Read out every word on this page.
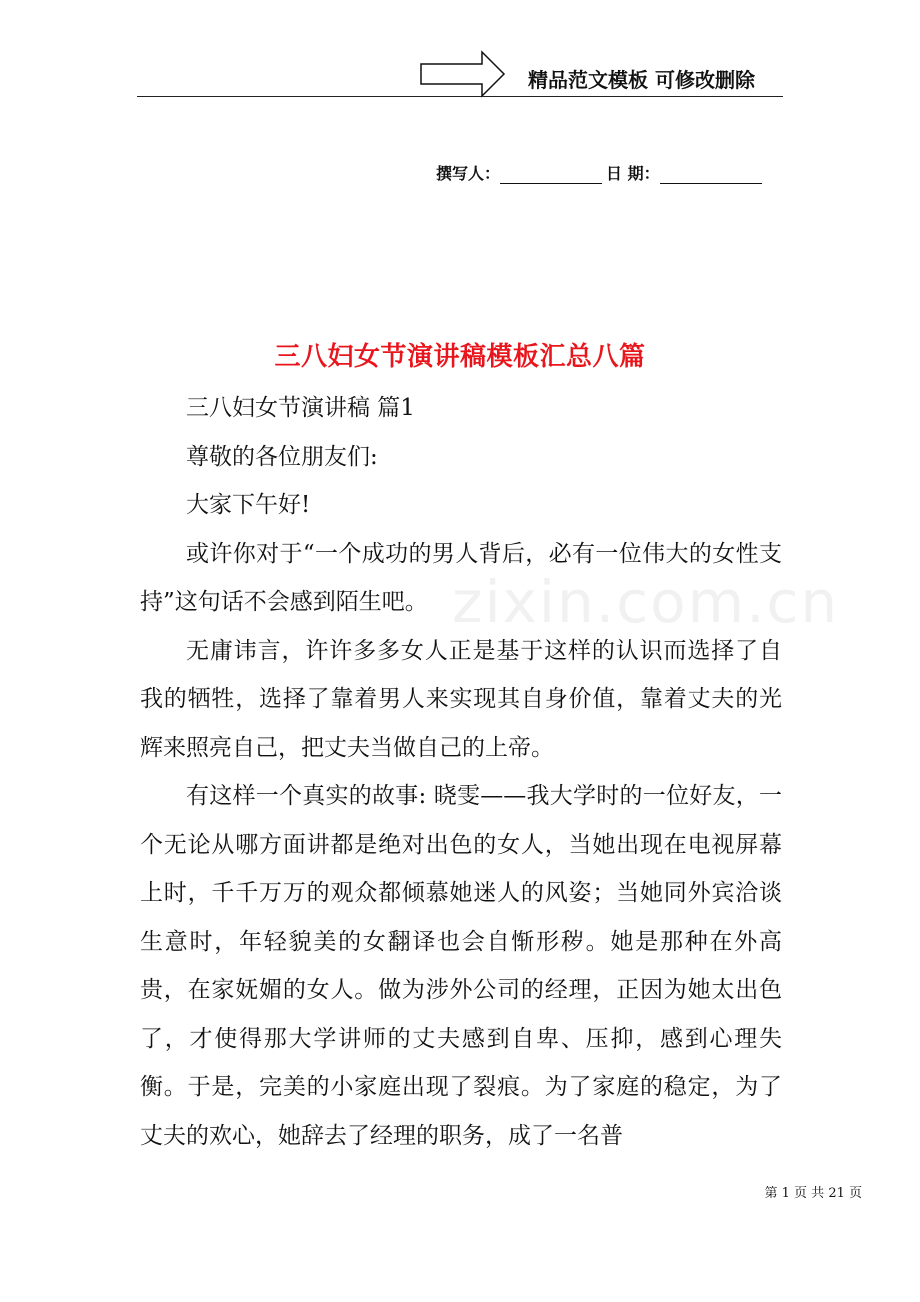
精品范文模板 可修改删除
撰写人：	日 期：
三八妇女节演讲稿模板汇总八篇
zixin.com.cn

三八妇女节演讲稿 篇1

尊敬的各位朋友们:

大家下午好!

或许你对于“一个成功的男人背后，必有一位伟大的女性支持”这句话不会感到陌生吧。

无庸讳言，许许多多女人正是基于这样的认识而选择了自我的牺牲，选择了靠着男人来实现其自身价值，靠着丈夫的光辉来照亮自己，把丈夫当做自己的上帝。

有这样一个真实的故事: 晓雯——我大学时的一位好友，一个无论从哪方面讲都是绝对出色的女人，当她出现在电视屏幕上时，千千万万的观众都倾慕她迷人的风姿；当她同外宾洽谈生意时，年轻貌美的女翻译也会自惭形秽。她是那种在外高贵，在家妩媚的女人。做为涉外公司的经理，正因为她太出色了，才使得那大学讲师的丈夫感到自卑、压抑，感到心理失衡。于是，完美的小家庭出现了裂痕。为了家庭的稳定，为了丈夫的欢心，她辞去了经理的职务，成了一名普

第 1 页 共 21 页
